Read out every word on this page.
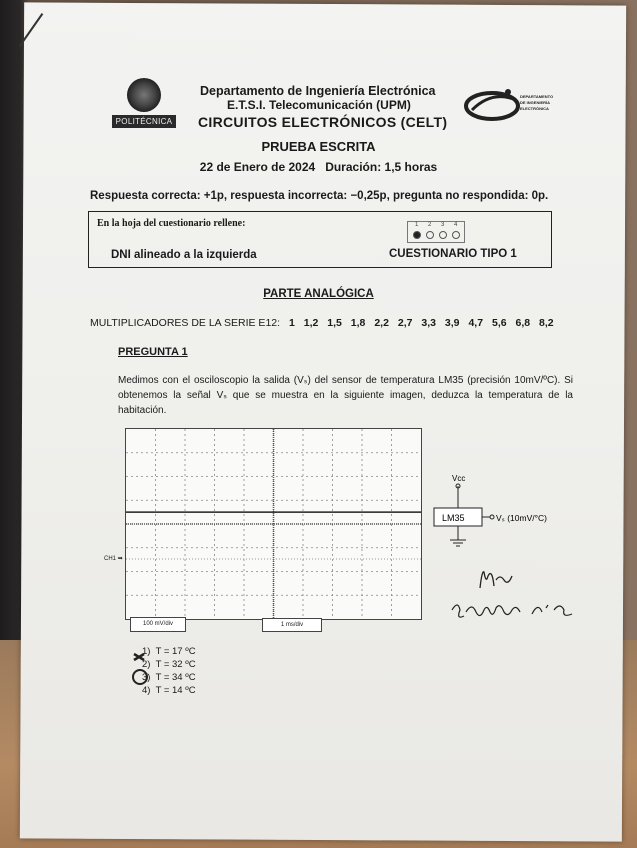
POLITÉCNICA
Departamento de Ingeniería Electrónica
E.T.S.I. Telecomunicación (UPM)
CIRCUITOS ELECTRÓNICOS (CELT)
DEPARTAMENTO
DE INGENIERÍA
ELECTRÓNICA
PRUEBA ESCRITA
22 de Enero de 2024 Duración: 1,5 horas
Respuesta correcta: +1p, respuesta incorrecta: −0,25p, pregunta no respondida: 0p.
En la hoja del cuestionario rellene:	1 2 3 4
DNI alineado a la izquierda	CUESTIONARIO TIPO 1
PARTE ANALÓGICA
MULTIPLICADORES DE LA SERIE E12: 1 1,2 1,5 1,8 2,2 2,7 3,3 3,9 4,7 5,6 6,8 8,2
PREGUNTA 1
Medimos con el osciloscopio la salida (Vₛ) del sensor de temperatura LM35 (precisión 10mV/ºC). Si obtenemos la señal Vₛ que se muestra en la siguiente imagen, deduzca la temperatura de la habitación.
CH1 ➡
100 mV/div	1 ms/div
Vcc
LM35	Vₛ (10mV/°C)
1) T = 17 ºC
2) T = 32 ºC
3) T = 34 ºC
4) T = 14 ºC
